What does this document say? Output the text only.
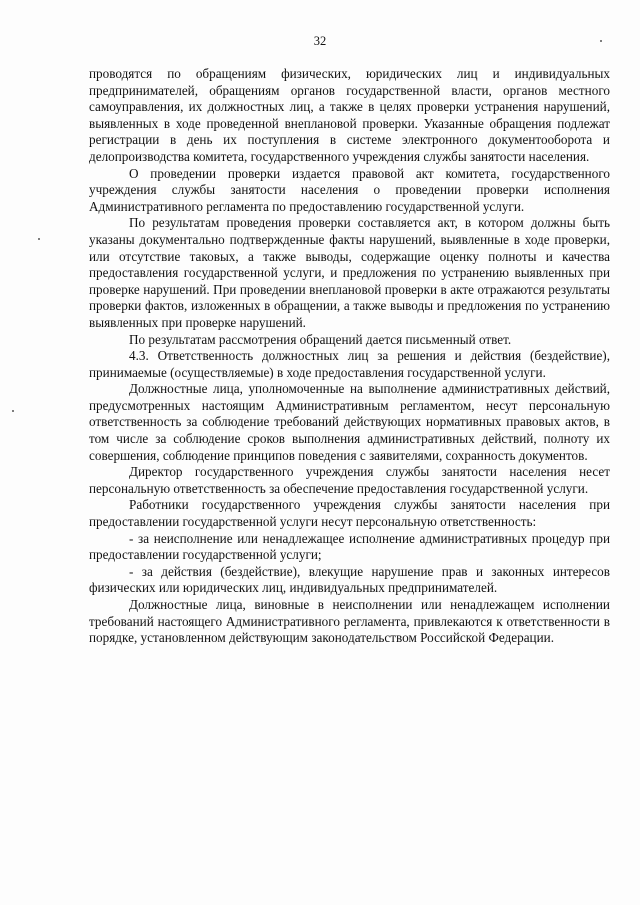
32

проводятся по обращениям физических, юридических лиц и индивидуальных предпринимателей, обращениям органов государственной власти, органов местного самоуправления, их должностных лиц, а также в целях проверки устранения нарушений, выявленных в ходе проведенной внеплановой проверки. Указанные обращения подлежат регистрации в день их поступления в системе электронного документооборота и делопроизводства комитета, государственного учреждения службы занятости населения.

О проведении проверки издается правовой акт комитета, государственного учреждения службы занятости населения о проведении проверки исполнения Административного регламента по предоставлению государственной услуги.

По результатам проведения проверки составляется акт, в котором должны быть указаны документально подтвержденные факты нарушений, выявленные в ходе проверки, или отсутствие таковых, а также выводы, содержащие оценку полноты и качества предоставления государственной услуги, и предложения по устранению выявленных при проверке нарушений. При проведении внеплановой проверки в акте отражаются результаты проверки фактов, изложенных в обращении, а также выводы и предложения по устранению выявленных при проверке нарушений.

По результатам рассмотрения обращений дается письменный ответ.

4.3. Ответственность должностных лиц за решения и действия (бездействие), принимаемые (осуществляемые) в ходе предоставления государственной услуги.

Должностные лица, уполномоченные на выполнение административных действий, предусмотренных настоящим Административным регламентом, несут персональную ответственность за соблюдение требований действующих нормативных правовых актов, в том числе за соблюдение сроков выполнения административных действий, полноту их совершения, соблюдение принципов поведения с заявителями, сохранность документов.

Директор государственного учреждения службы занятости населения несет персональную ответственность за обеспечение предоставления государственной услуги.

Работники государственного учреждения службы занятости населения при предоставлении государственной услуги несут персональную ответственность:

- за неисполнение или ненадлежащее исполнение административных процедур при предоставлении государственной услуги;

- за действия (бездействие), влекущие нарушение прав и законных интересов физических или юридических лиц, индивидуальных предпринимателей.

Должностные лица, виновные в неисполнении или ненадлежащем исполнении требований настоящего Административного регламента, привлекаются к ответственности в порядке, установленном действующим законодательством Российской Федерации.
